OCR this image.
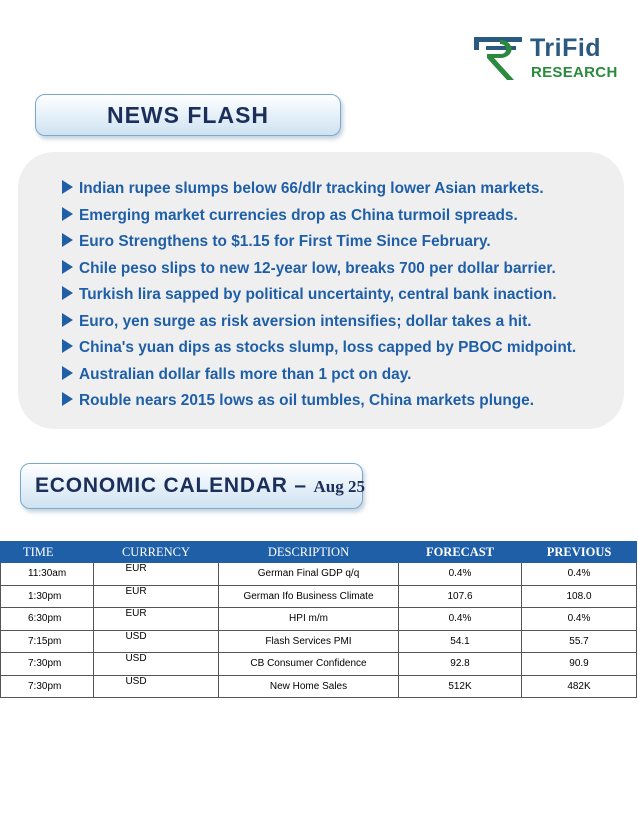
TriFid
RESEARCH
NEWS FLASH
Indian rupee slumps below 66/dlr tracking lower Asian markets.
Emerging market currencies drop as China turmoil spreads.
Euro Strengthens to $1.15 for First Time Since February.
Chile peso slips to new 12-year low, breaks 700 per dollar barrier.
Turkish lira sapped by political uncertainty, central bank inaction.
Euro, yen surge as risk aversion intensifies; dollar takes a hit.
China's yuan dips as stocks slump, loss capped by PBOC midpoint.
Australian dollar falls more than 1 pct on day.
Rouble nears 2015 lows as oil tumbles, China markets plunge.
ECONOMIC CALENDAR – Aug 25
TIME	CURRENCY	DESCRIPTION	FORECAST	PREVIOUS
11:30am	EUR	German Final GDP q/q	0.4%	0.4%
1:30pm	EUR	German Ifo Business Climate	107.6	108.0
6:30pm	EUR	HPI m/m	0.4%	0.4%
7:15pm	USD	Flash Services PMI	54.1	55.7
7:30pm	USD	CB Consumer Confidence	92.8	90.9
7:30pm	USD	New Home Sales	512K	482K
